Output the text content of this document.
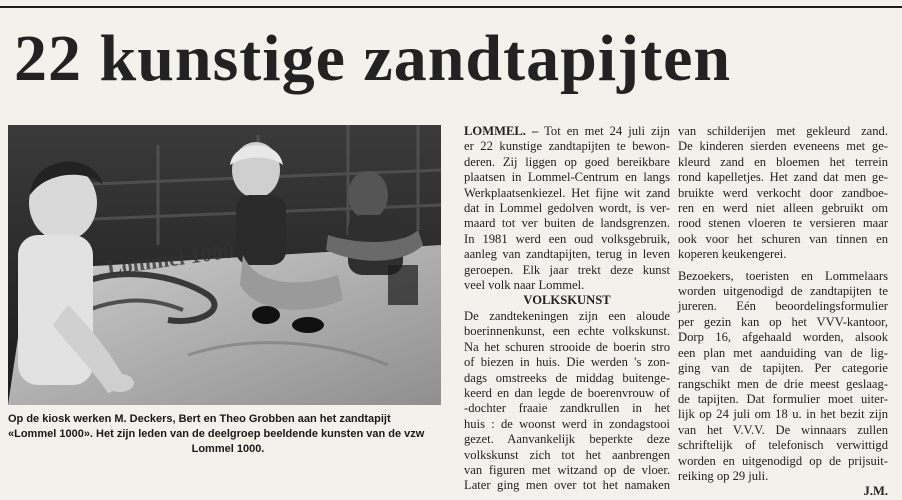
22 kunstige zandtapijten
Lommel 1000
Op de kiosk werken M. Deckers, Bert en Theo Grobben aan het zandtapijt
«Lommel 1000». Het zijn leden van de deelgroep beeldende kunsten van de vzw
Lommel 1000.
LOMMEL. – Tot en met 24 juli zijn
er 22 kunstige zandtapijten te bewon-
deren. Zij liggen op goed bereikbare
plaatsen in Lommel-Centrum en langs
Werkplaatsenkiezel. Het fijne wit zand
dat in Lommel gedolven wordt, is ver-
maard tot ver buiten de landsgrenzen.
In 1981 werd een oud volksgebruik,
aanleg van zandtapijten, terug in leven
geroepen. Elk jaar trekt deze kunst
veel volk naar Lommel.
VOLKSKUNST
De zandtekeningen zijn een aloude
boerinnenkunst, een echte volkskunst.
Na het schuren strooide de boerin stro
of biezen in huis. Die werden 's zon-
dags omstreeks de middag buitenge-
keerd en dan legde de boerenvrouw of
-dochter fraaie zandkrullen in het
huis : de woonst werd in zondagstooi
gezet. Aanvankelijk beperkte deze
volkskunst zich tot het aanbrengen
van figuren met witzand op de vloer.
Later ging men over tot het namaken
van schilderijen met gekleurd zand.
De kinderen sierden eveneens met ge-
kleurd zand en bloemen het terrein
rond kapelletjes. Het zand dat men ge-
bruikte werd verkocht door zandboe-
ren en werd niet alleen gebruikt om
rood stenen vloeren te versieren maar
ook voor het schuren van tinnen en
koperen keukengerei.
Bezoekers, toeristen en Lommelaars
worden uitgenodigd de zandtapijten te
jureren. Eén beoordelingsformulier
per gezin kan op het VVV-kantoor,
Dorp 16, afgehaald worden, alsook
een plan met aanduiding van de lig-
ging van de tapijten. Per categorie
rangschikt men de drie meest geslaag-
de tapijten. Dat formulier moet uiter-
lijk op 24 juli om 18 u. in het bezit zijn
van het V.V.V. De winnaars zullen
schriftelijk of telefonisch verwittigd
worden en uitgenodigd op de prijsuit-
reiking op 29 juli.
J.M.
